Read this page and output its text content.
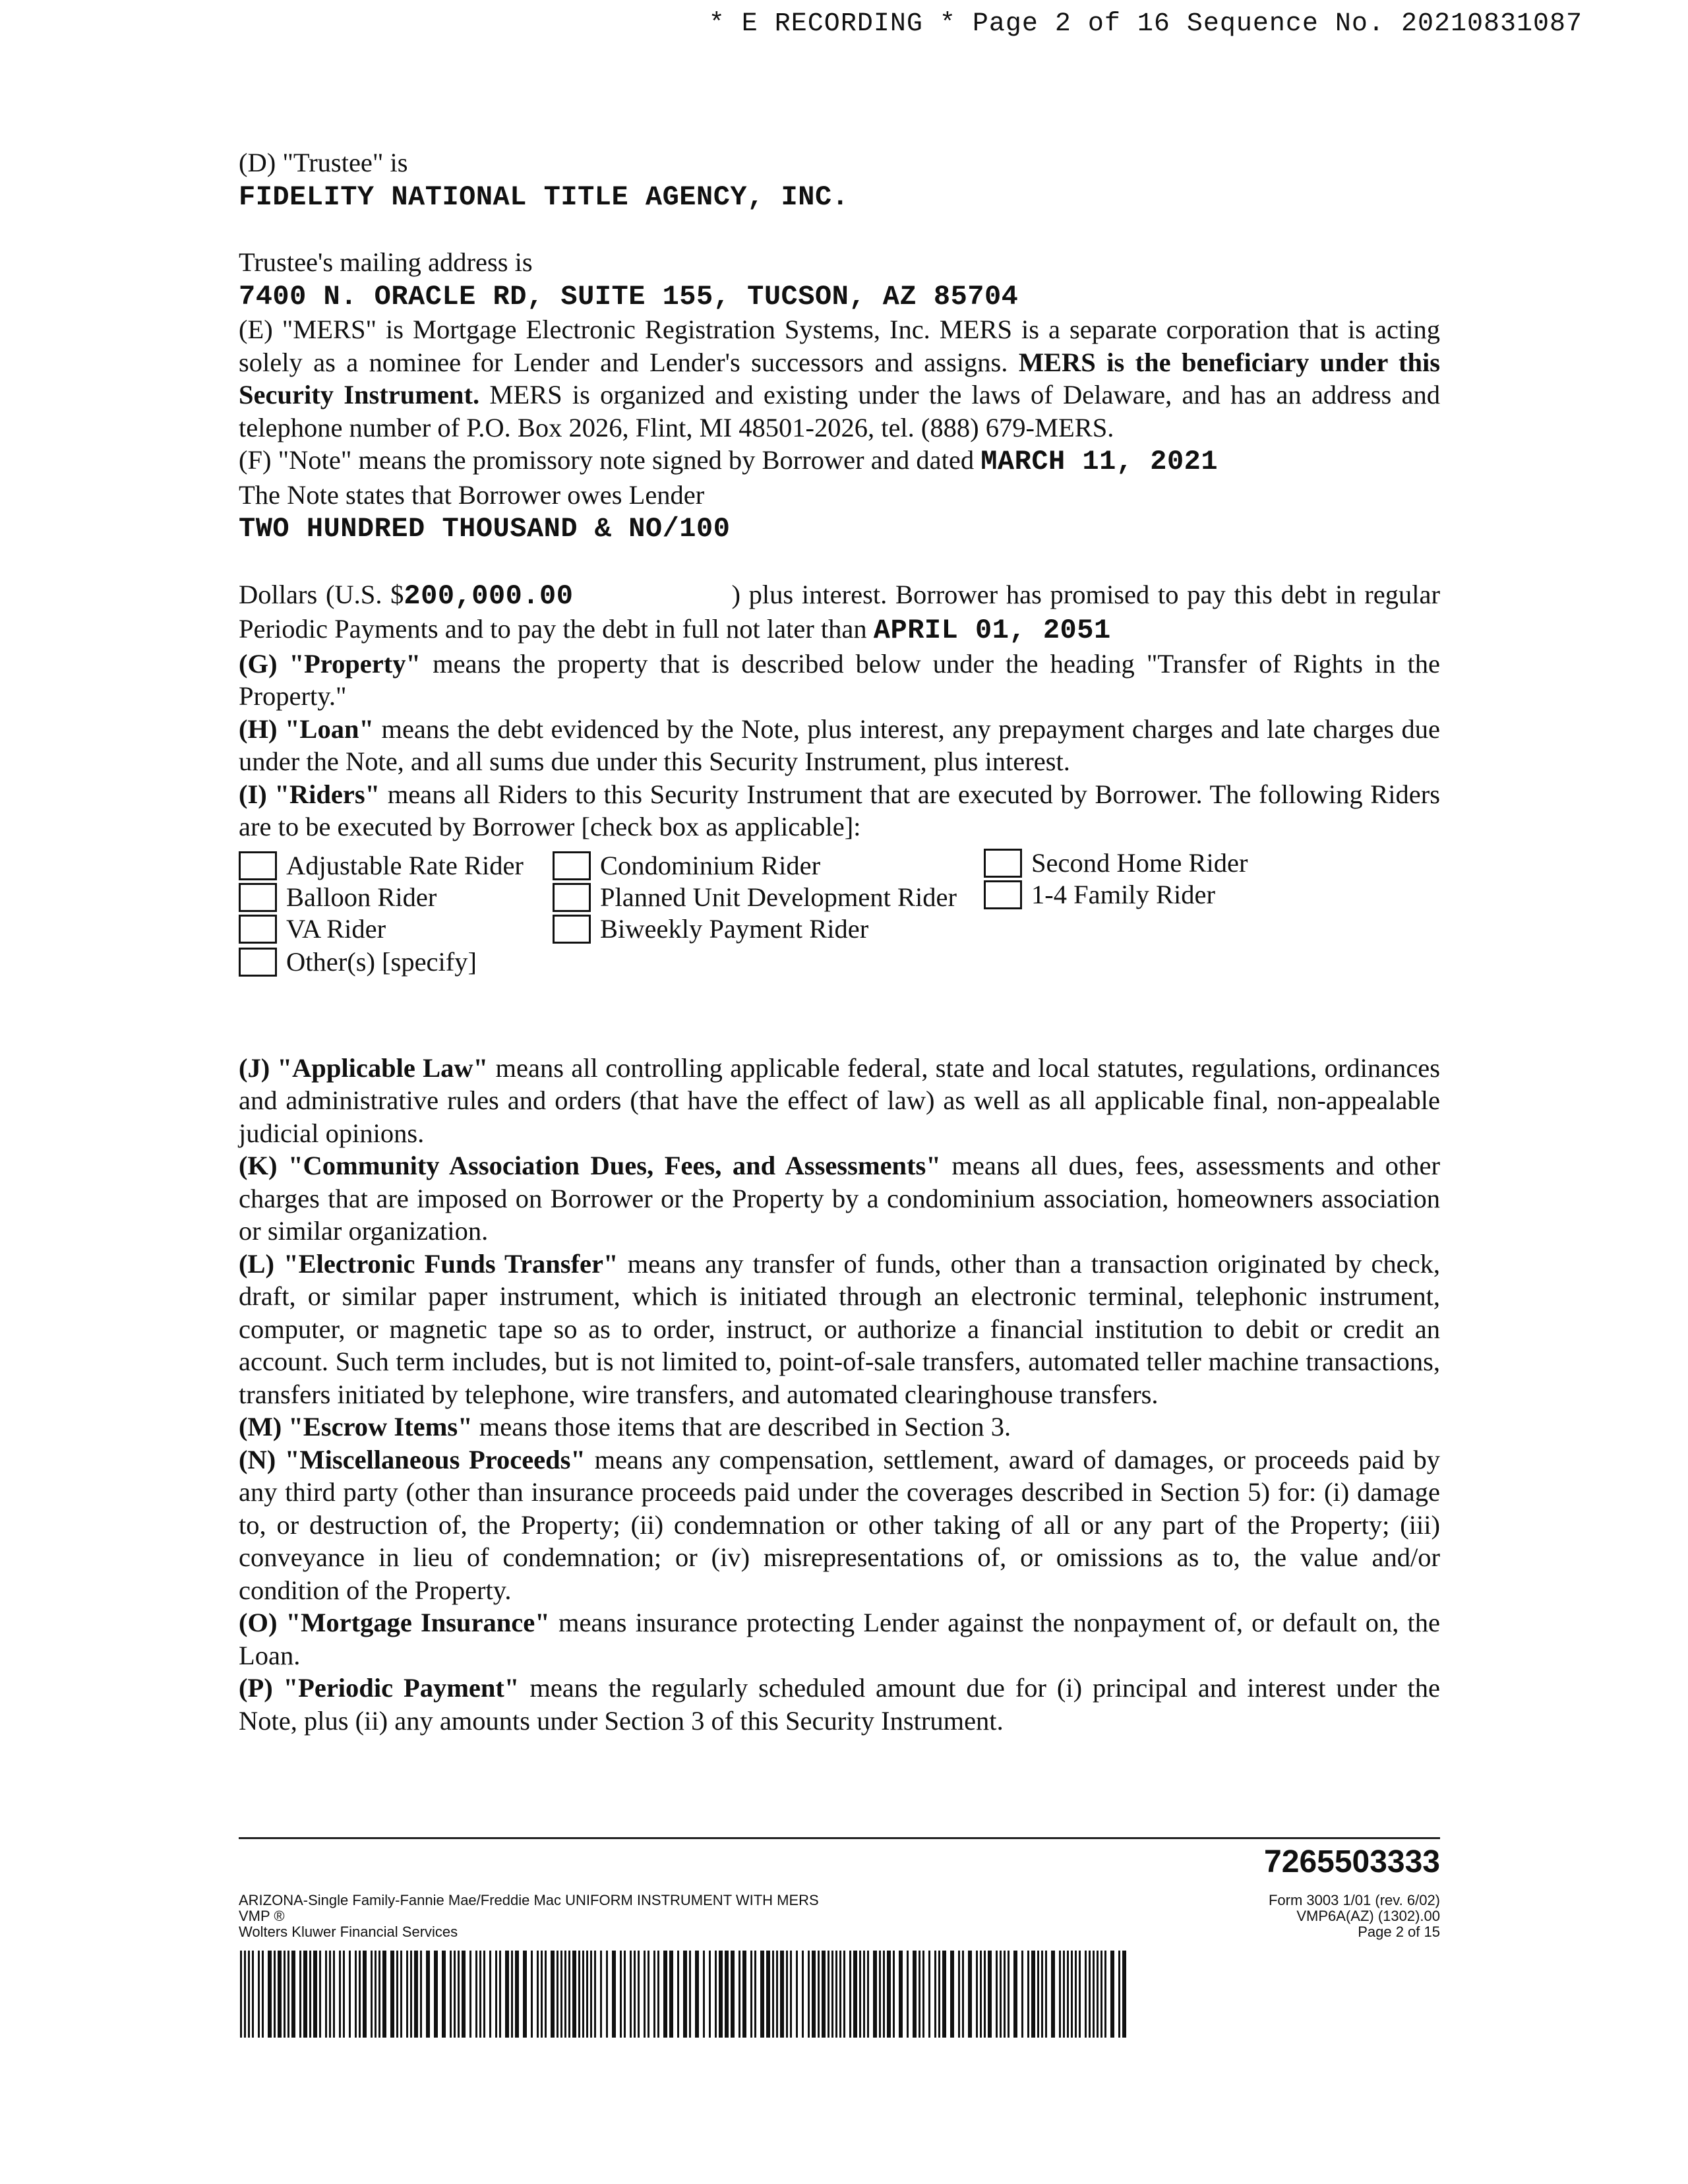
* E RECORDING * Page 2 of 16 Sequence No. 20210831087

(D) "Trustee" is

FIDELITY NATIONAL TITLE AGENCY, INC.

Trustee's mailing address is

7400 N. ORACLE RD, SUITE 155, TUCSON, AZ 85704

(E) "MERS" is Mortgage Electronic Registration Systems, Inc. MERS is a separate corporation that is acting solely as a nominee for Lender and Lender's successors and assigns. MERS is the beneficiary under this Security Instrument. MERS is organized and existing under the laws of Delaware, and has an address and telephone number of P.O. Box 2026, Flint, MI 48501-2026, tel. (888) 679-MERS.

(F) "Note" means the promissory note signed by Borrower and dated MARCH 11, 2021

The Note states that Borrower owes Lender

TWO HUNDRED THOUSAND & NO/100

Dollars (U.S. $200,000.00	) plus interest. Borrower has promised to pay this debt in regular Periodic Payments and to pay the debt in full not later than APRIL 01, 2051

(G) "Property" means the property that is described below under the heading "Transfer of Rights in the Property."

(H) "Loan" means the debt evidenced by the Note, plus interest, any prepayment charges and late charges due under the Note, and all sums due under this Security Instrument, plus interest.

(I) "Riders" means all Riders to this Security Instrument that are executed by Borrower. The following Riders are to be executed by Borrower [check box as applicable]:

Adjustable Rate Rider	Condominium Rider	Second Home Rider
Balloon Rider	Planned Unit Development Rider	1-4 Family Rider
VA Rider	Biweekly Payment Rider
Other(s) [specify]

(J) "Applicable Law" means all controlling applicable federal, state and local statutes, regulations, ordinances and administrative rules and orders (that have the effect of law) as well as all applicable final, non-appealable judicial opinions.

(K) "Community Association Dues, Fees, and Assessments" means all dues, fees, assessments and other charges that are imposed on Borrower or the Property by a condominium association, homeowners association or similar organization.

(L) "Electronic Funds Transfer" means any transfer of funds, other than a transaction originated by check, draft, or similar paper instrument, which is initiated through an electronic terminal, telephonic instrument, computer, or magnetic tape so as to order, instruct, or authorize a financial institution to debit or credit an account. Such term includes, but is not limited to, point-of-sale transfers, automated teller machine transactions, transfers initiated by telephone, wire transfers, and automated clearinghouse transfers.

(M) "Escrow Items" means those items that are described in Section 3.

(N) "Miscellaneous Proceeds" means any compensation, settlement, award of damages, or proceeds paid by any third party (other than insurance proceeds paid under the coverages described in Section 5) for: (i) damage to, or destruction of, the Property; (ii) condemnation or other taking of all or any part of the Property; (iii) conveyance in lieu of condemnation; or (iv) misrepresentations of, or omissions as to, the value and/or condition of the Property.

(O) "Mortgage Insurance" means insurance protecting Lender against the nonpayment of, or default on, the Loan.

(P) "Periodic Payment" means the regularly scheduled amount due for (i) principal and interest under the Note, plus (ii) any amounts under Section 3 of this Security Instrument.

7265503333
ARIZONA-Single Family-Fannie Mae/Freddie Mac UNIFORM INSTRUMENT WITH MERS
VMP ®
Wolters Kluwer Financial Services
Form 3003 1/01 (rev. 6/02)
VMP6A(AZ) (1302).00
Page 2 of 15
